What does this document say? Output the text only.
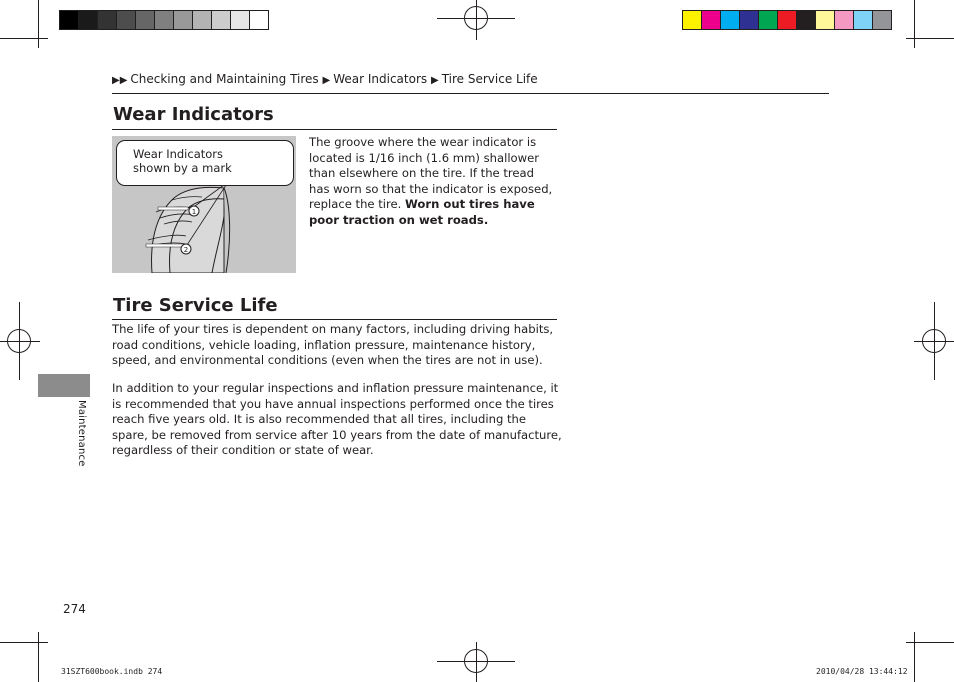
▶▶ Checking and Maintaining Tires ▶ Wear Indicators ▶ Tire Service Life
Wear Indicators
1
2
Wear Indicators shown by a mark
The groove where the wear indicator is located is 1/16 inch (1.6 mm) shallower than elsewhere on the tire. If the tread has worn so that the indicator is exposed, replace the tire. Worn out tires have poor traction on wet roads.
Tire Service Life
The life of your tires is dependent on many factors, including driving habits, road conditions, vehicle loading, inflation pressure, maintenance history, speed, and environmental conditions (even when the tires are not in use).
In addition to your regular inspections and inflation pressure maintenance, it is recommended that you have annual inspections performed once the tires reach five years old. It is also recommended that all tires, including the spare, be removed from service after 10 years from the date of manufacture, regardless of their condition or state of wear.
Maintenance
274
31SZT600book.indb 274	2010/04/28 13:44:12
